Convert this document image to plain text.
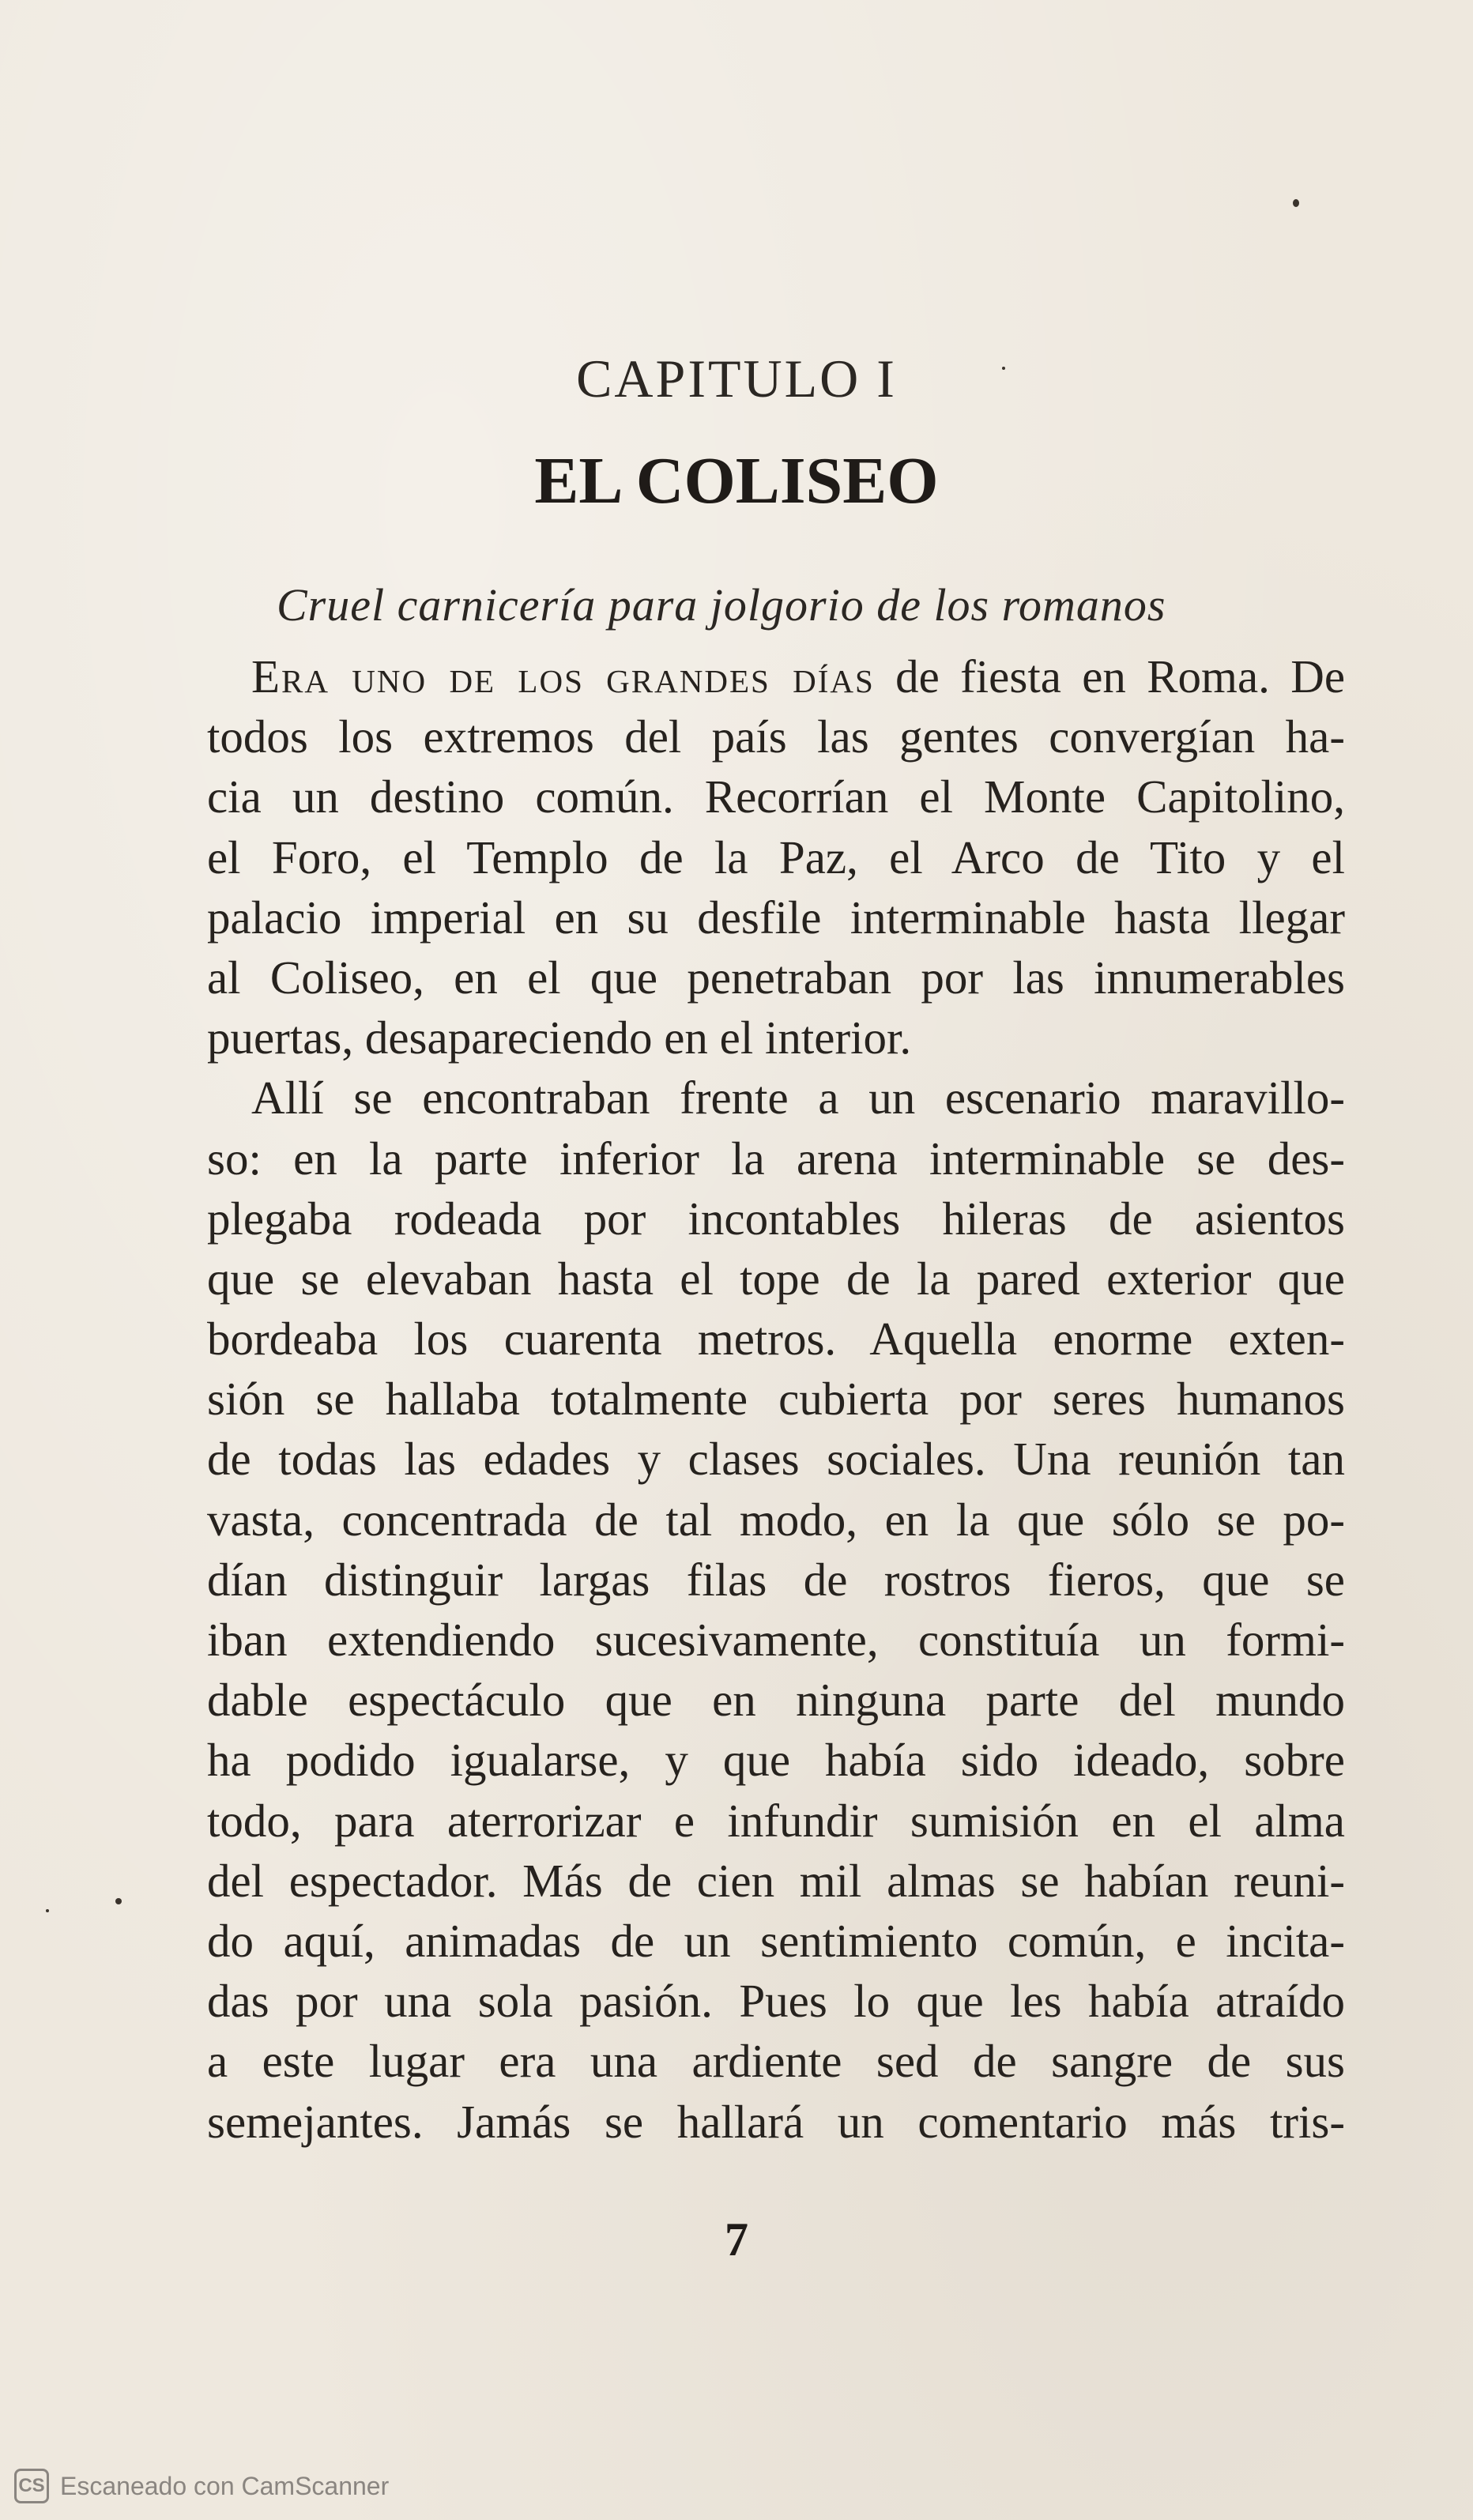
CAPITULO I
EL COLISEO
Cruel carnicería para jolgorio de los romanos
Era uno de los grandes días de fiesta en Roma. De
todos los extremos del país las gentes convergían ha-
cia un destino común. Recorrían el Monte Capitolino,
el Foro, el Templo de la Paz, el Arco de Tito y el
palacio imperial en su desfile interminable hasta llegar
al Coliseo, en el que penetraban por las innumerables
puertas, desapareciendo en el interior.
Allí se encontraban frente a un escenario maravillo-
so: en la parte inferior la arena interminable se des-
plegaba rodeada por incontables hileras de asientos
que se elevaban hasta el tope de la pared exterior que
bordeaba los cuarenta metros. Aquella enorme exten-
sión se hallaba totalmente cubierta por seres humanos
de todas las edades y clases sociales. Una reunión tan
vasta, concentrada de tal modo, en la que sólo se po-
dían distinguir largas filas de rostros fieros, que se
iban extendiendo sucesivamente, constituía un formi-
dable espectáculo que en ninguna parte del mundo
ha podido igualarse, y que había sido ideado, sobre
todo, para aterrorizar e infundir sumisión en el alma
del espectador. Más de cien mil almas se habían reuni-
do aquí, animadas de un sentimiento común, e incita-
das por una sola pasión. Pues lo que les había atraído
a este lugar era una ardiente sed de sangre de sus
semejantes. Jamás se hallará un comentario más tris-
7
CS Escaneado con CamScanner
